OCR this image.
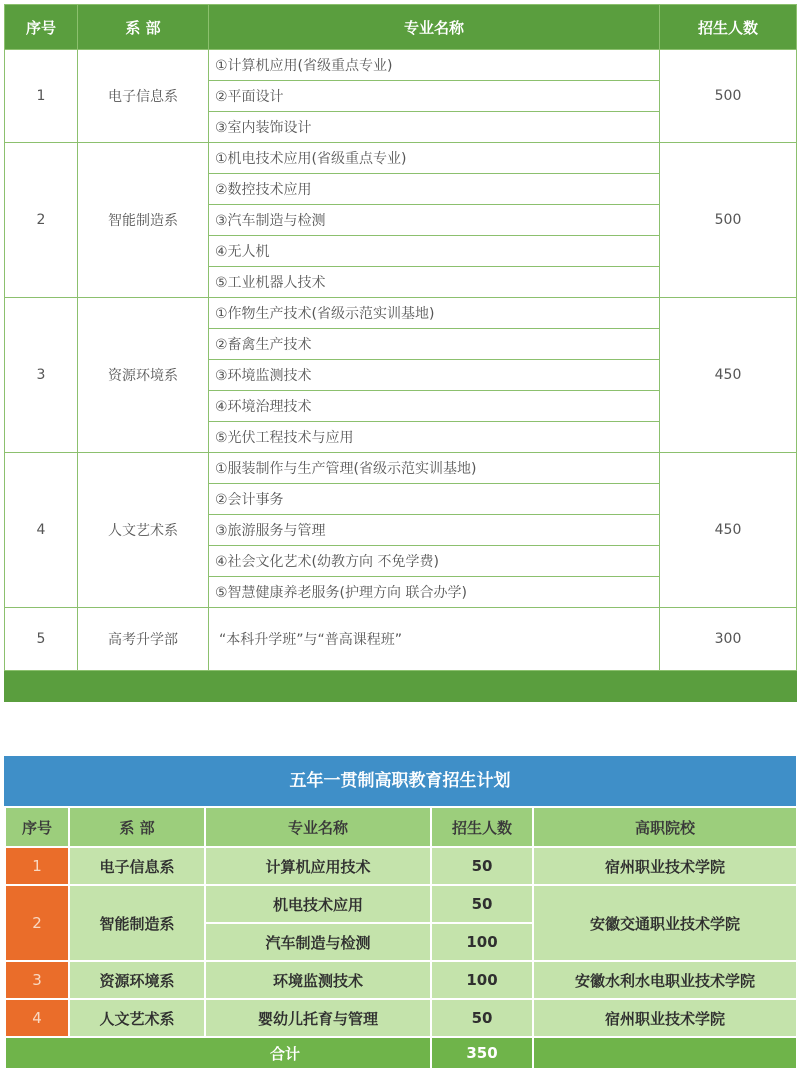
序号	系 部	专业名称	招生人数
1	电子信息系	①计算机应用(省级重点专业)	500
		②平面设计	
		③室内装饰设计	
2	智能制造系	①机电技术应用(省级重点专业)	500
		②数控技术应用	
		③汽车制造与检测	
		④无人机	
		⑤工业机器人技术	
3	资源环境系	①作物生产技术(省级示范实训基地)	450
		②畜禽生产技术	
		③环境监测技术	
		④环境治理技术	
		⑤光伏工程技术与应用	
4	人文艺术系	①服装制作与生产管理(省级示范实训基地)	450
		②会计事务	
		③旅游服务与管理	
		④社会文化艺术(幼教方向 不免学费)	
		⑤智慧健康养老服务(护理方向 联合办学)	
5	高考升学部	“本科升学班”与“普高课程班”	300

五年一贯制高职教育招生计划
序号	系 部	专业名称	招生人数	高职院校
1	电子信息系	计算机应用技术	50	宿州职业技术学院
2	智能制造系	机电技术应用	50	安徽交通职业技术学院
		汽车制造与检测	100	
3	资源环境系	环境监测技术	100	安徽水利水电职业技术学院
4	人文艺术系	婴幼儿托育与管理	50	宿州职业技术学院
合计			350	
